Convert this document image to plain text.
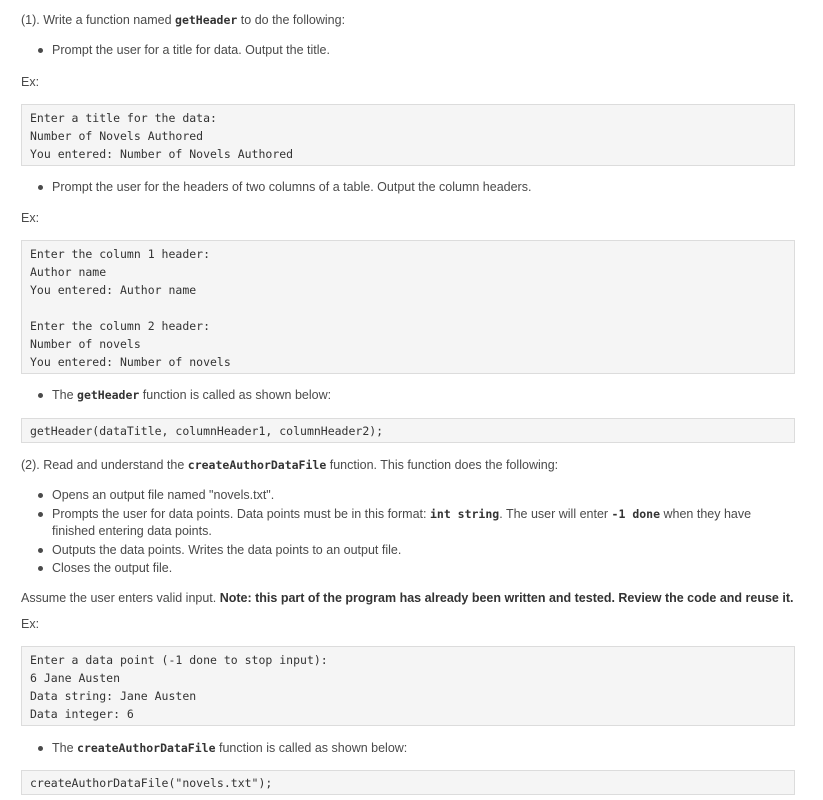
(1). Write a function named getHeader to do the following:
Prompt the user for a title for data. Output the title.
Ex:
Enter a title for the data:
Number of Novels Authored
You entered: Number of Novels Authored
Prompt the user for the headers of two columns of a table. Output the column headers.
Ex:
Enter the column 1 header:
Author name
You entered: Author name
Enter the column 2 header:
Number of novels
You entered: Number of novels
The getHeader function is called as shown below:
getHeader(dataTitle, columnHeader1, columnHeader2);
(2). Read and understand the createAuthorDataFile function. This function does the following:
Opens an output file named "novels.txt".
Prompts the user for data points. Data points must be in this format: int string. The user will enter -1 done when they have
finished entering data points.
Outputs the data points. Writes the data points to an output file.
Closes the output file.
Assume the user enters valid input. Note: this part of the program has already been written and tested. Review the code and reuse it.
Ex:
Enter a data point (-1 done to stop input):
6 Jane Austen
Data string: Jane Austen
Data integer: 6
The createAuthorDataFile function is called as shown below:
createAuthorDataFile("novels.txt");
